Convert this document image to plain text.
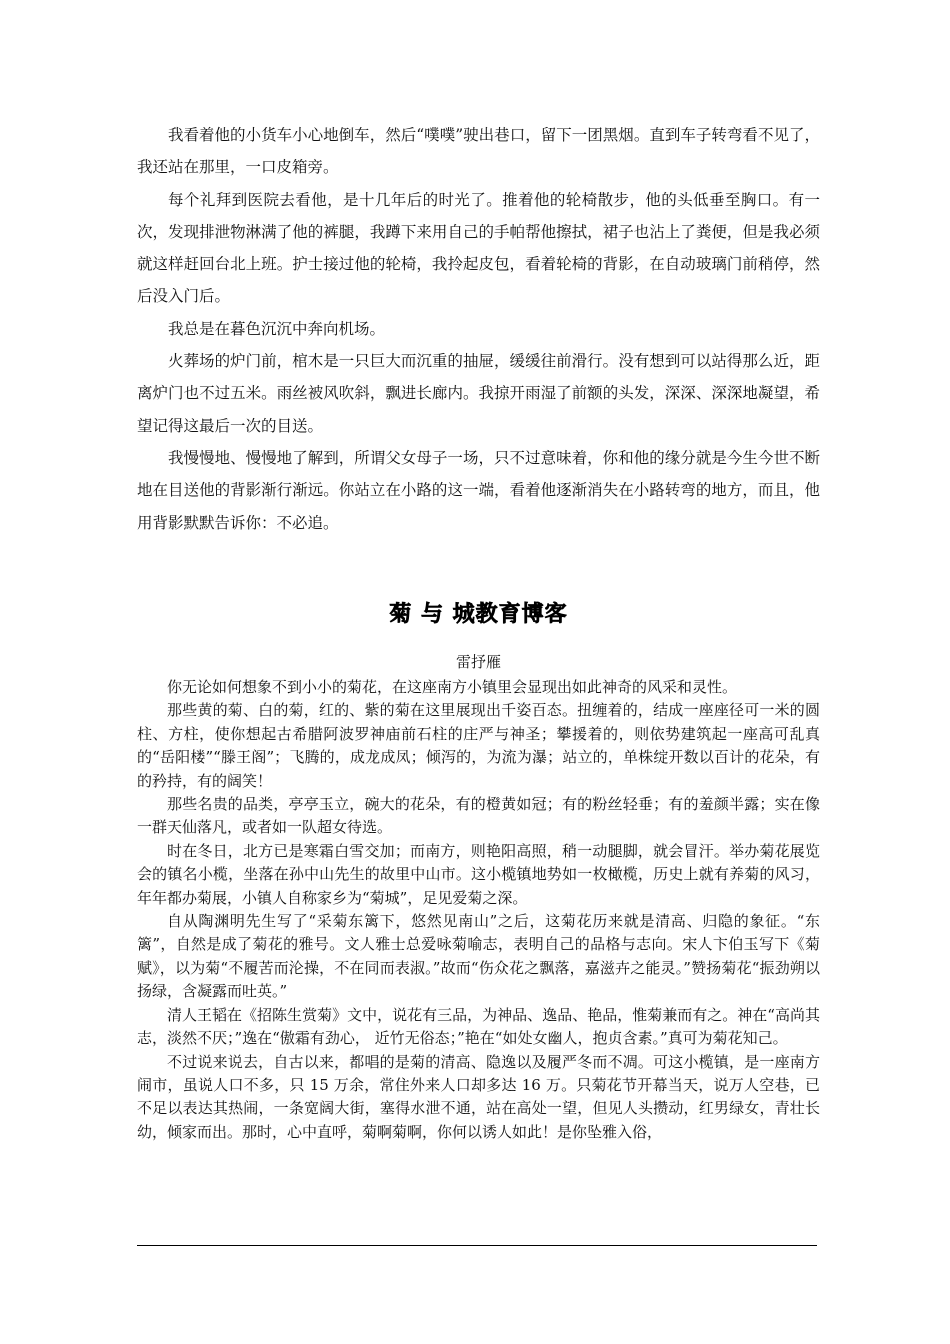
我看着他的小货车小心地倒车，然后“噗噗”驶出巷口，留下一团黑烟。直到车子转弯看不见了，我还站在那里，一口皮箱旁。

每个礼拜到医院去看他，是十几年后的时光了。推着他的轮椅散步，他的头低垂至胸口。有一次，发现排泄物淋满了他的裤腿，我蹲下来用自己的手帕帮他擦拭，裙子也沾上了粪便，但是我必须就这样赶回台北上班。护士接过他的轮椅，我拎起皮包，看着轮椅的背影，在自动玻璃门前稍停，然后没入门后。

我总是在暮色沉沉中奔向机场。

火葬场的炉门前，棺木是一只巨大而沉重的抽屉，缓缓往前滑行。没有想到可以站得那么近，距离炉门也不过五米。雨丝被风吹斜，飘进长廊内。我掠开雨湿了前额的头发，深深、深深地凝望，希望记得这最后一次的目送。

我慢慢地、慢慢地了解到，所谓父女母子一场，只不过意味着，你和他的缘分就是今生今世不断地在目送他的背影渐行渐远。你站立在小路的这一端，看着他逐渐消失在小路转弯的地方，而且，他用背影默默告诉你：不必追。

菊 与 城教育博客
雷抒雁

你无论如何想象不到小小的菊花，在这座南方小镇里会显现出如此神奇的风采和灵性。

那些黄的菊、白的菊，红的、紫的菊在这里展现出千姿百态。扭缠着的，结成一座座径可一米的圆柱、方柱，使你想起古希腊阿波罗神庙前石柱的庄严与神圣；攀援着的，则依势建筑起一座高可乱真的“岳阳楼”“滕王阁”；飞腾的，成龙成凤；倾泻的，为流为瀑；站立的，单株绽开数以百计的花朵，有的矜持，有的阔笑！

那些名贵的品类，亭亭玉立，碗大的花朵，有的橙黄如冠；有的粉丝轻垂；有的羞颜半露；实在像一群天仙落凡，或者如一队超女待选。

时在冬日，北方已是寒霜白雪交加；而南方，则艳阳高照，稍一动腿脚，就会冒汗。举办菊花展览会的镇名小榄，坐落在孙中山先生的故里中山市。这小榄镇地势如一枚橄榄，历史上就有养菊的风习，年年都办菊展，小镇人自称家乡为“菊城”，足见爱菊之深。

自从陶渊明先生写了“采菊东篱下，悠然见南山”之后，这菊花历来就是清高、归隐的象征。“东篱”，自然是成了菊花的雅号。文人雅士总爱咏菊喻志，表明自己的品格与志向。宋人卞伯玉写下《菊赋》，以为菊“不履苦而沦操，不在同而表淑。”故而“伤众花之飘落，嘉滋卉之能灵。”赞扬菊花“振劲朔以扬绿，含凝露而吐英。”

清人王韬在《招陈生赏菊》文中，说花有三品，为神品、逸品、艳品，惟菊兼而有之。神在“高尚其志，淡然不厌；”逸在“傲霜有劲心， 近竹无俗态；”艳在“如处女幽人，抱贞含素。”真可为菊花知己。

不过说来说去，自古以来，都唱的是菊的清高、隐逸以及履严冬而不凋。可这小榄镇，是一座南方闹市，虽说人口不多，只 15 万余，常住外来人口却多达 16 万。只菊花节开幕当天，说万人空巷，已不足以表达其热闹，一条宽阔大街，塞得水泄不通，站在高处一望，但见人头攒动，红男绿女，青壮长幼，倾家而出。那时，心中直呼，菊啊菊啊，你何以诱人如此！是你坠雅入俗，
